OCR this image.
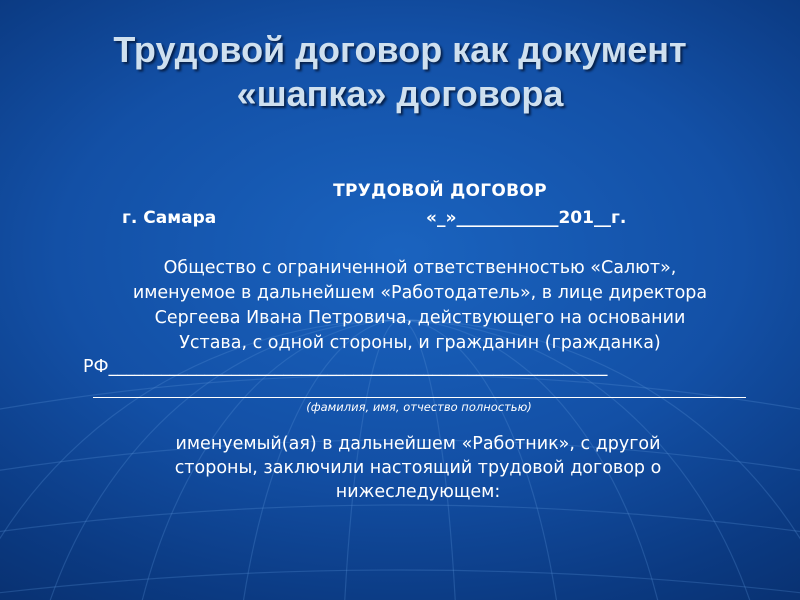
Трудовой договор как документ
«шапка» договора
ТРУДОВОЙ ДОГОВОР
г. Самара	«_»____________201__г.
Общество с ограниченной ответственностью «Салют»,
именуемое в дальнейшем «Работодатель», в лице директора
Сергеева Ивана Петровича, действующего на основании
Устава, с одной стороны, и гражданин (гражданка)
РФ_________________________________________________________
(фамилия, имя, отчество полностью)
именуемый(ая) в дальнейшем «Работник», с другой
стороны, заключили настоящий трудовой договор о
нижеследующем:
